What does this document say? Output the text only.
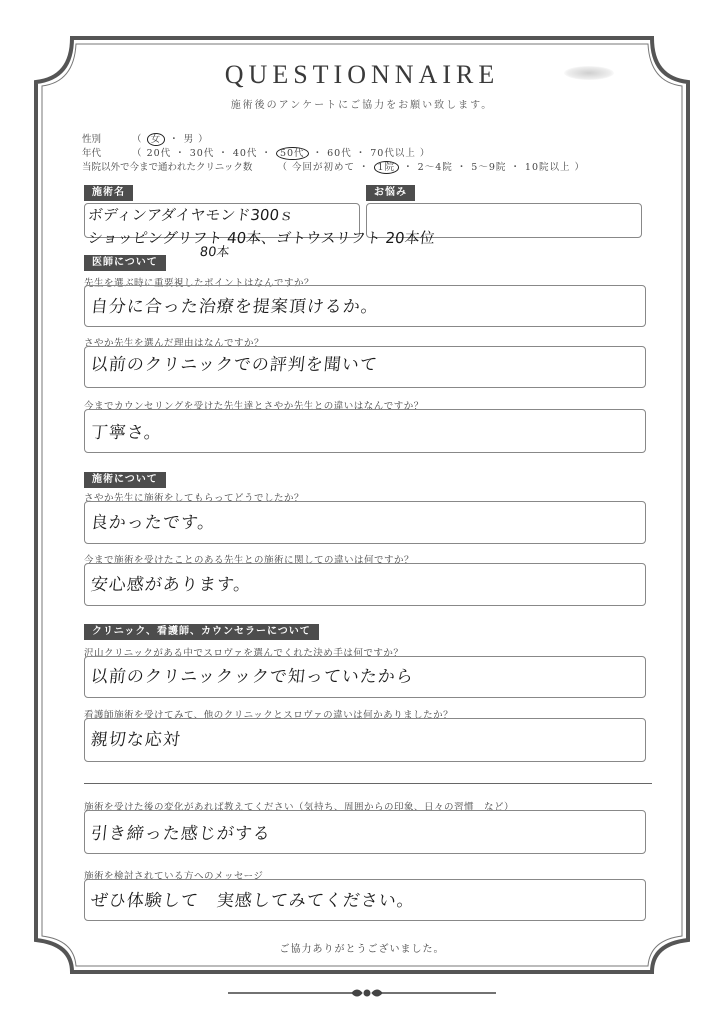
QUESTIONNAIRE
施術後のアンケートにご協力をお願い致します。
性別	（ 女 ・ 男 ）
年代	（ 20代 ・ 30代 ・ 40代 ・ 50代 ・ 60代 ・ 70代以上 ）
当院以外で今まで通われたクリニック数	（ 今回が初めて ・ 1院 ・ 2〜4院 ・ 5〜9院 ・ 10院以上 ）
施術名	お悩み
ボディンアダイヤモンド300ｓ
ショッピングリフト 40本、ゴトウスリフト 20本位
80本
医師について
先生を選ぶ時に重要視したポイントはなんですか？
自分に合った治療を提案頂けるか。
さやか先生を選んだ理由はなんですか？
以前のクリニックでの評判を聞いて
今までカウンセリングを受けた先生達とさやか先生との違いはなんですか？
丁寧さ。
施術について
さやか先生に施術をしてもらってどうでしたか？
良かったです。
今まで施術を受けたことのある先生との施術に関しての違いは何ですか？
安心感があります。
クリニック、看護師、カウンセラーについて
沢山クリニックがある中でスロヴァを選んでくれた決め手は何ですか？
以前のクリニックックで知っていたから
看護師施術を受けてみて、他のクリニックとスロヴァの違いは何かありましたか？
親切な応対
施術を受けた後の変化があれば教えてください（気持ち、周囲からの印象、日々の習慣　など）
引き締った感じがする
施術を検討されている方へのメッセージ
ぜひ体験して　実感してみてください。
ご協力ありがとうございました。
